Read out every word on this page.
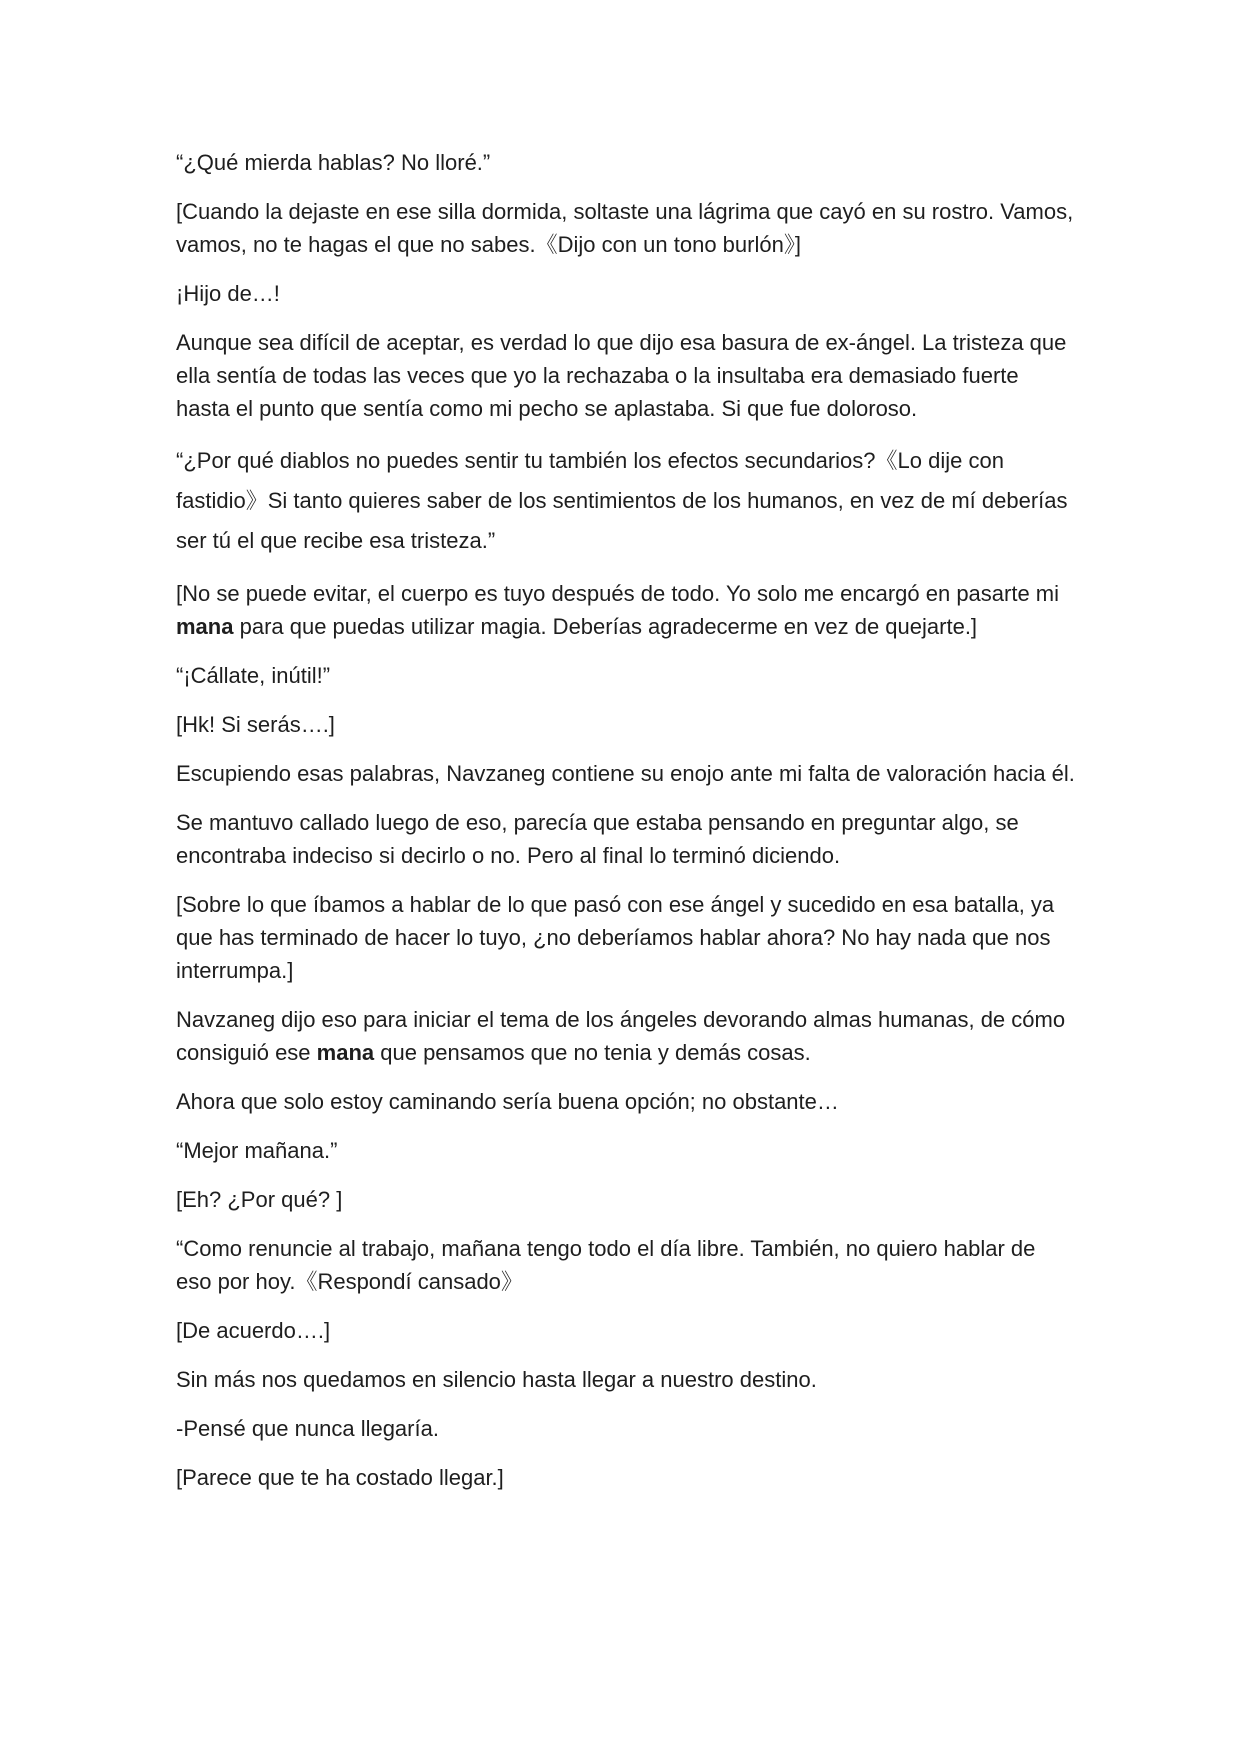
“¿Qué mierda hablas? No lloré.”

[Cuando la dejaste en ese silla dormida, soltaste una lágrima que cayó en su rostro. Vamos, vamos, no te hagas el que no sabes.《Dijo con un tono burlón》]

¡Hijo de…!

Aunque sea difícil de aceptar, es verdad lo que dijo esa basura de ex-ángel. La tristeza que ella sentía de todas las veces que yo la rechazaba o la insultaba era demasiado fuerte hasta el punto que sentía como mi pecho se aplastaba. Si que fue doloroso.

“¿Por qué diablos no puedes sentir tu también los efectos secundarios?《Lo dije con fastidio》Si tanto quieres saber de los sentimientos de los humanos, en vez de mí deberías ser tú el que recibe esa tristeza.”

[No se puede evitar, el cuerpo es tuyo después de todo. Yo solo me encargó en pasarte mi mana para que puedas utilizar magia. Deberías agradecerme en vez de quejarte.]

“¡Cállate, inútil!”

[Hk! Si serás….]

Escupiendo esas palabras, Navzaneg contiene su enojo ante mi falta de valoración hacia él.

Se mantuvo callado luego de eso, parecía que estaba pensando en preguntar algo, se encontraba indeciso si decirlo o no. Pero al final lo terminó diciendo.

[Sobre lo que íbamos a hablar de lo que pasó con ese ángel y sucedido en esa batalla, ya que has terminado de hacer lo tuyo, ¿no deberíamos hablar ahora? No hay nada que nos interrumpa.]

Navzaneg dijo eso para iniciar el tema de los ángeles devorando almas humanas, de cómo consiguió ese mana que pensamos que no tenia y demás cosas.

Ahora que solo estoy caminando sería buena opción; no obstante…

“Mejor mañana.”

[Eh? ¿Por qué? ]

“Como renuncie al trabajo, mañana tengo todo el día libre. También, no quiero hablar de eso por hoy.《Respondí cansado》

[De acuerdo….]

Sin más nos quedamos en silencio hasta llegar a nuestro destino.

-Pensé que nunca llegaría.

[Parece que te ha costado llegar.]
